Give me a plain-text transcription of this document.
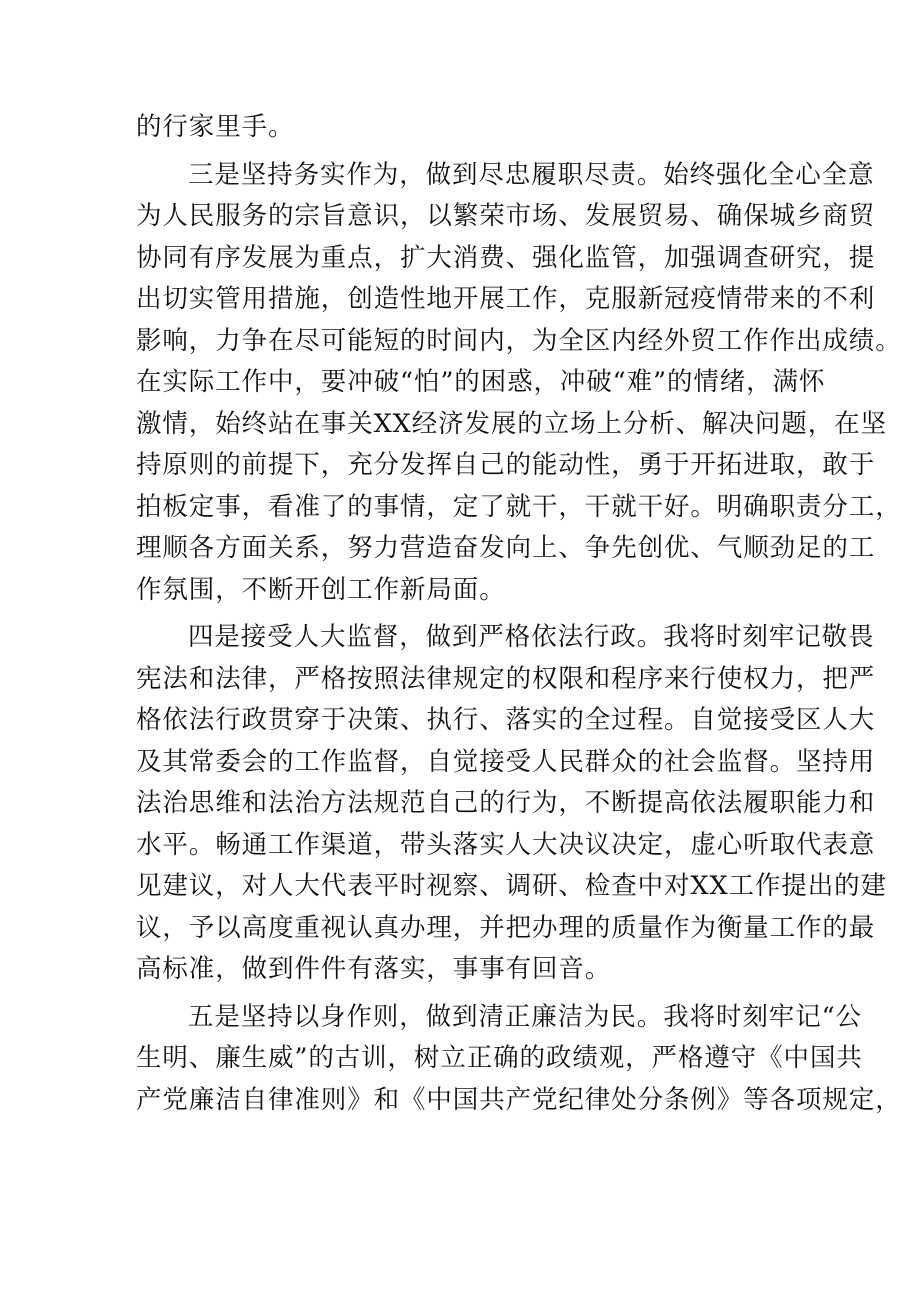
的行家里手。
三是坚持务实作为，做到尽忠履职尽责。始终强化全心全意
为人民服务的宗旨意识，以繁荣市场、发展贸易、确保城乡商贸
协同有序发展为重点，扩大消费、强化监管，加强调查研究，提
出切实管用措施，创造性地开展工作，克服新冠疫情带来的不利
影响，力争在尽可能短的时间内，为全区内经外贸工作作出成绩。
在实际工作中，要冲破“怕”的困惑，冲破“难”的情绪，满怀
激情，始终站在事关XX经济发展的立场上分析、解决问题，在坚
持原则的前提下，充分发挥自己的能动性，勇于开拓进取，敢于
拍板定事，看准了的事情，定了就干，干就干好。明确职责分工，
理顺各方面关系，努力营造奋发向上、争先创优、气顺劲足的工
作氛围，不断开创工作新局面。
四是接受人大监督，做到严格依法行政。我将时刻牢记敬畏
宪法和法律，严格按照法律规定的权限和程序来行使权力，把严
格依法行政贯穿于决策、执行、落实的全过程。自觉接受区人大
及其常委会的工作监督，自觉接受人民群众的社会监督。坚持用
法治思维和法治方法规范自己的行为，不断提高依法履职能力和
水平。畅通工作渠道，带头落实人大决议决定，虚心听取代表意
见建议，对人大代表平时视察、调研、检查中对XX工作提出的建
议，予以高度重视认真办理，并把办理的质量作为衡量工作的最
高标准，做到件件有落实，事事有回音。
五是坚持以身作则，做到清正廉洁为民。我将时刻牢记“公
生明、廉生威”的古训，树立正确的政绩观，严格遵守《中国共
产党廉洁自律准则》和《中国共产党纪律处分条例》等各项规定，
